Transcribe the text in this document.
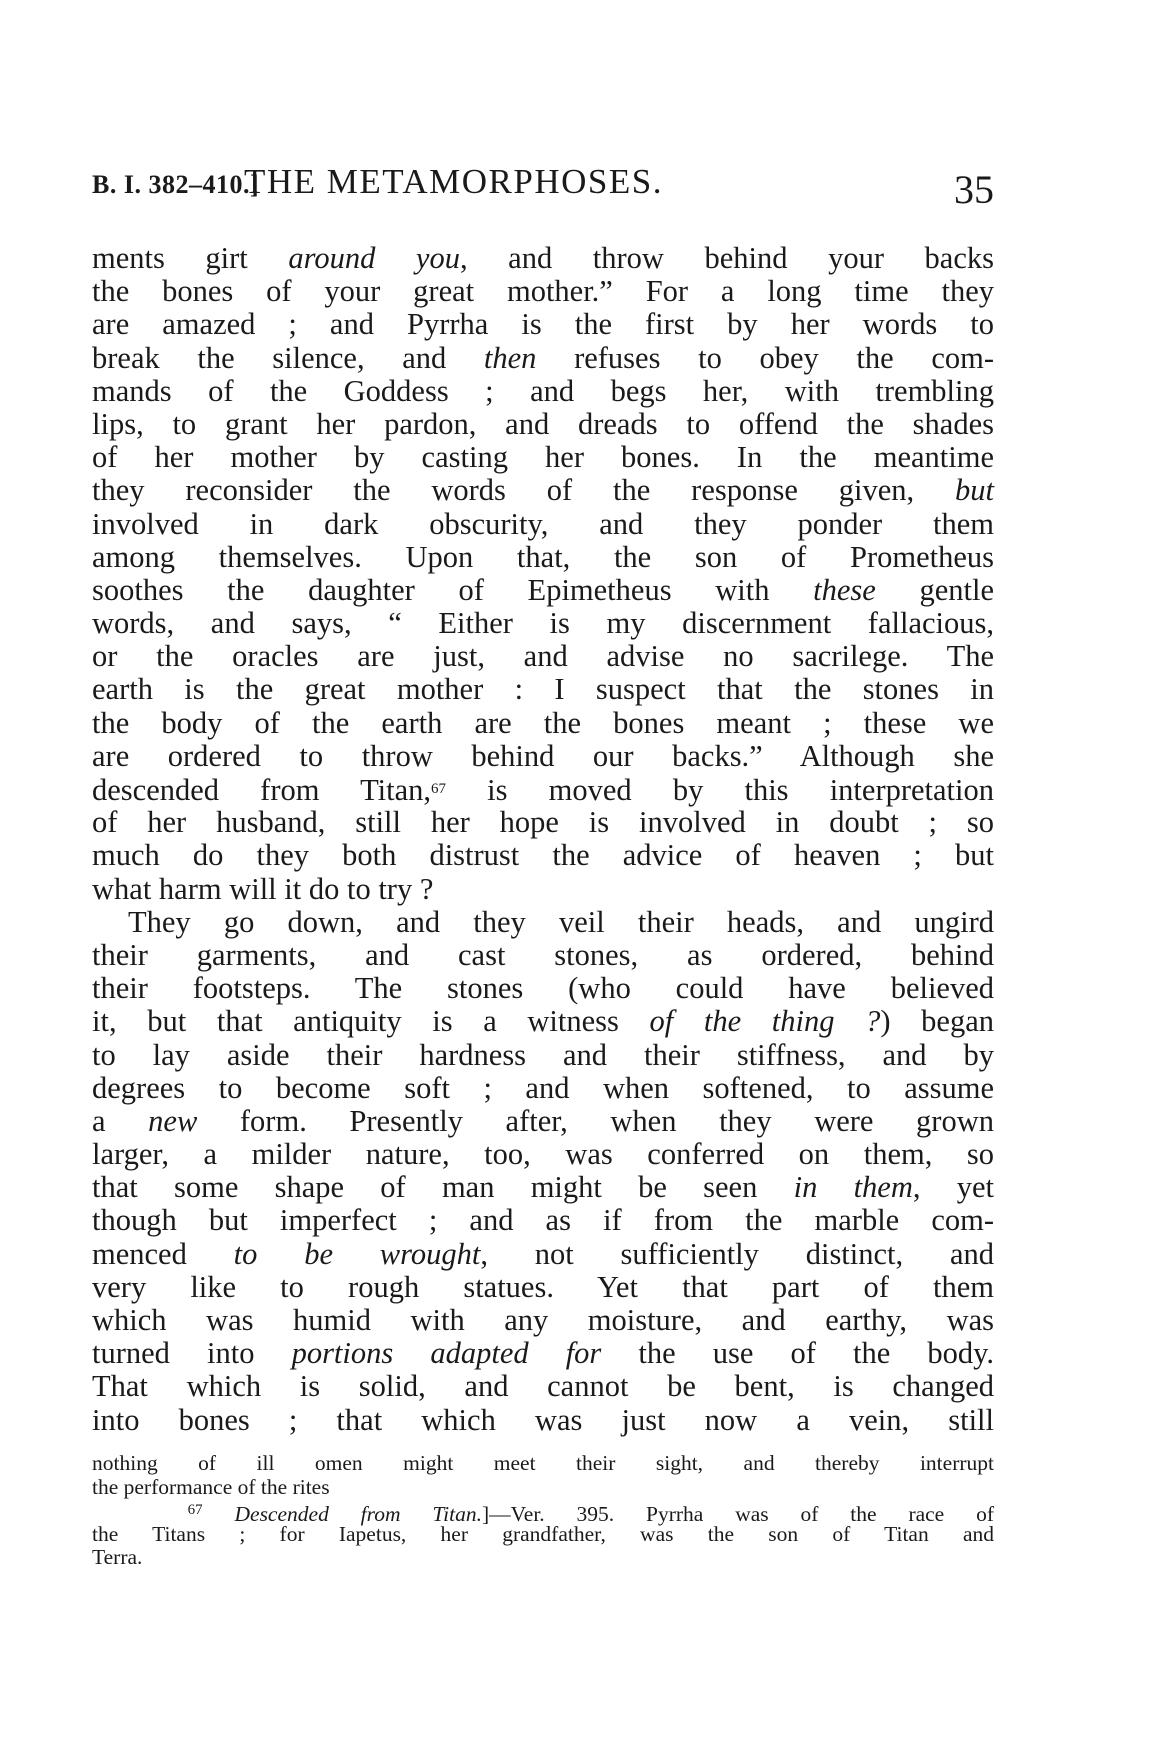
B. I. 382–410.]
THE METAMORPHOSES.	35
ments girt around you, and throw behind your backs
the bones of your great mother.” For a long time they
are amazed ; and Pyrrha is the first by her words to
break the silence, and then refuses to obey the com-
mands of the Goddess ; and begs her, with trembling
lips, to grant her pardon, and dreads to offend the shades
of her mother by casting her bones. In the meantime
they reconsider the words of the response given, but
involved in dark obscurity, and they ponder them
among themselves. Upon that, the son of Prometheus
soothes the daughter of Epimetheus with these gentle
words, and says, “ Either is my discernment fallacious,
or the oracles are just, and advise no sacrilege. The
earth is the great mother : I suspect that the stones in
the body of the earth are the bones meant ; these we
are ordered to throw behind our backs.” Although she
descended from Titan,$^{67}$ is moved by this interpretation
of her husband, still her hope is involved in doubt ; so
much do they both distrust the advice of heaven ; but
what harm will it do to try ?
They go down, and they veil their heads, and ungird
their garments, and cast stones, as ordered, behind
their footsteps. The stones (who could have believed
it, but that antiquity is a witness of the thing ?) began
to lay aside their hardness and their stiffness, and by
degrees to become soft ; and when softened, to assume
a new form. Presently after, when they were grown
larger, a milder nature, too, was conferred on them, so
that some shape of man might be seen in them, yet
though but imperfect ; and as if from the marble com-
menced to be wrought, not sufficiently distinct, and
very like to rough statues. Yet that part of them
which was humid with any moisture, and earthy, was
turned into portions adapted for the use of the body.
That which is solid, and cannot be bent, is changed
into bones ; that which was just now a vein, still
nothing of ill omen might meet their sight, and thereby interrupt
the performance of the rites
$^{67}$ Descended from Titan.]—Ver. 395. Pyrrha was of the race of
the Titans ; for Iapetus, her grandfather, was the son of Titan and
Terra.
